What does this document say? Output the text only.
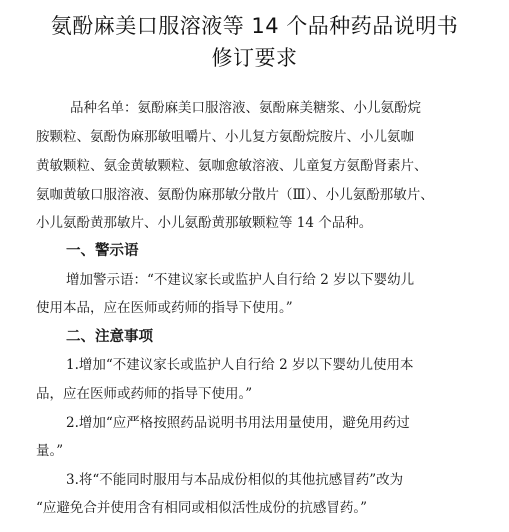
氨酚麻美口服溶液等 14 个品种药品说明书
修订要求
品种名单：氨酚麻美口服溶液、氨酚麻美糖浆、小儿氨酚烷
胺颗粒、氨酚伪麻那敏咀嚼片、小儿复方氨酚烷胺片、小儿氨咖
黄敏颗粒、氨金黄敏颗粒、氨咖愈敏溶液、儿童复方氨酚肾素片、
氨咖黄敏口服溶液、氨酚伪麻那敏分散片（Ⅲ）、小儿氨酚那敏片、
小儿氨酚黄那敏片、小儿氨酚黄那敏颗粒等 14 个品种。
一、警示语
增加警示语：“不建议家长或监护人自行给 2 岁以下婴幼儿
使用本品，应在医师或药师的指导下使用。”
二、注意事项
1.增加“不建议家长或监护人自行给 2 岁以下婴幼儿使用本
品，应在医师或药师的指导下使用。”
2.增加“应严格按照药品说明书用法用量使用，避免用药过
量。”
3.将“不能同时服用与本品成份相似的其他抗感冒药”改为
“应避免合并使用含有相同或相似活性成份的抗感冒药。”
